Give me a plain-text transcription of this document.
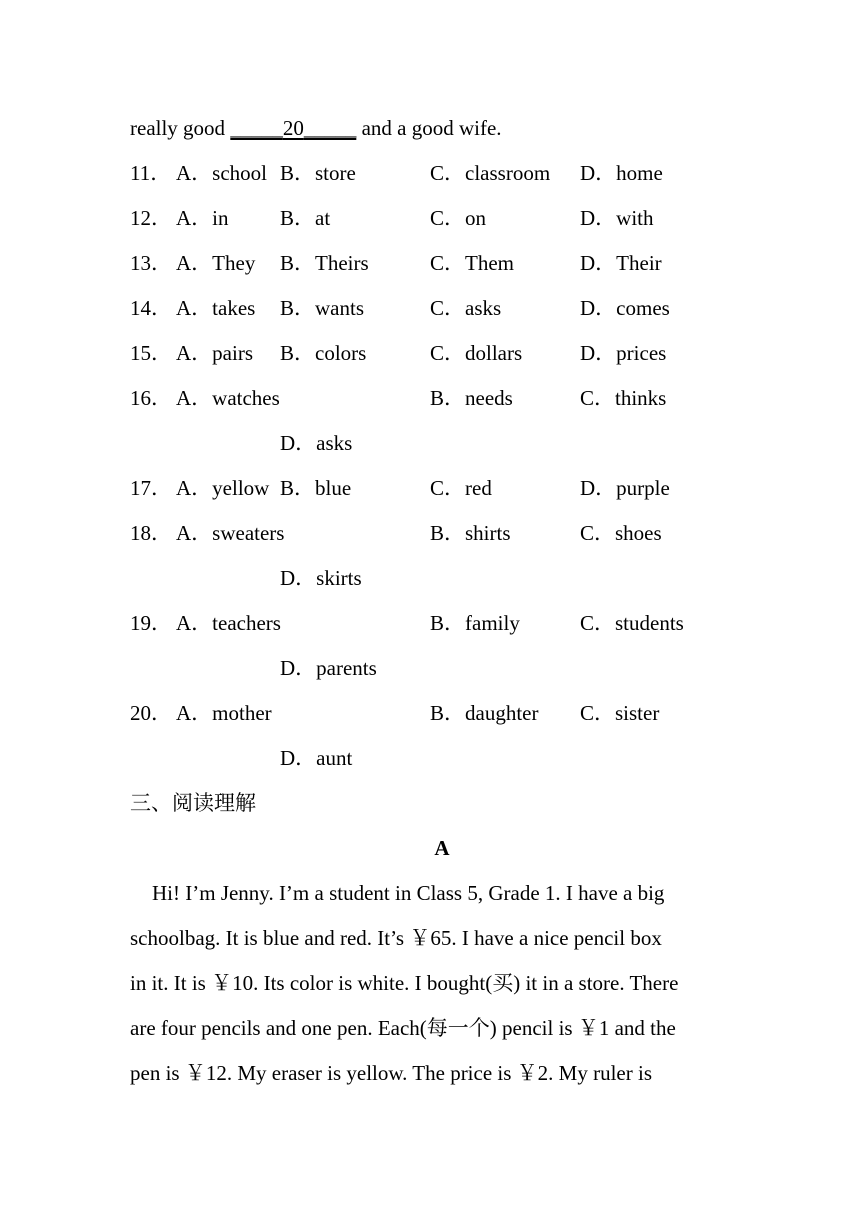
really good _____20_____ and a good wife.
11． A．school B．store	C．classroom D．home
12． A．in B．at	C．on	D．with
13． A．They B．Theirs	C．Them	D．Their
14． A．takes B．wants	C．asks	D．comes
15． A．pairs B．colors	C．dollars	D．prices
16． A．watches	B．needs	C．thinks
D．asks
17． A．yellow B．blue	C．red	D．purple
18． A．sweaters	B．shirts	C．shoes
D．skirts
19． A．teachers	B．family	C．students
D．parents
20． A．mother	B．daughter C．sister
D．aunt
三、阅读理解
A
Hi! I’m Jenny. I’m a student in Class 5, Grade 1. I have a big
schoolbag. It is blue and red. It’s ￥65. I have a nice pencil box
in it. It is ￥10. Its color is white. I bought(买) it in a store. There
are four pencils and one pen. Each(每一个) pencil is ￥1 and the
pen is ￥12. My eraser is yellow. The price is ￥2. My ruler is
